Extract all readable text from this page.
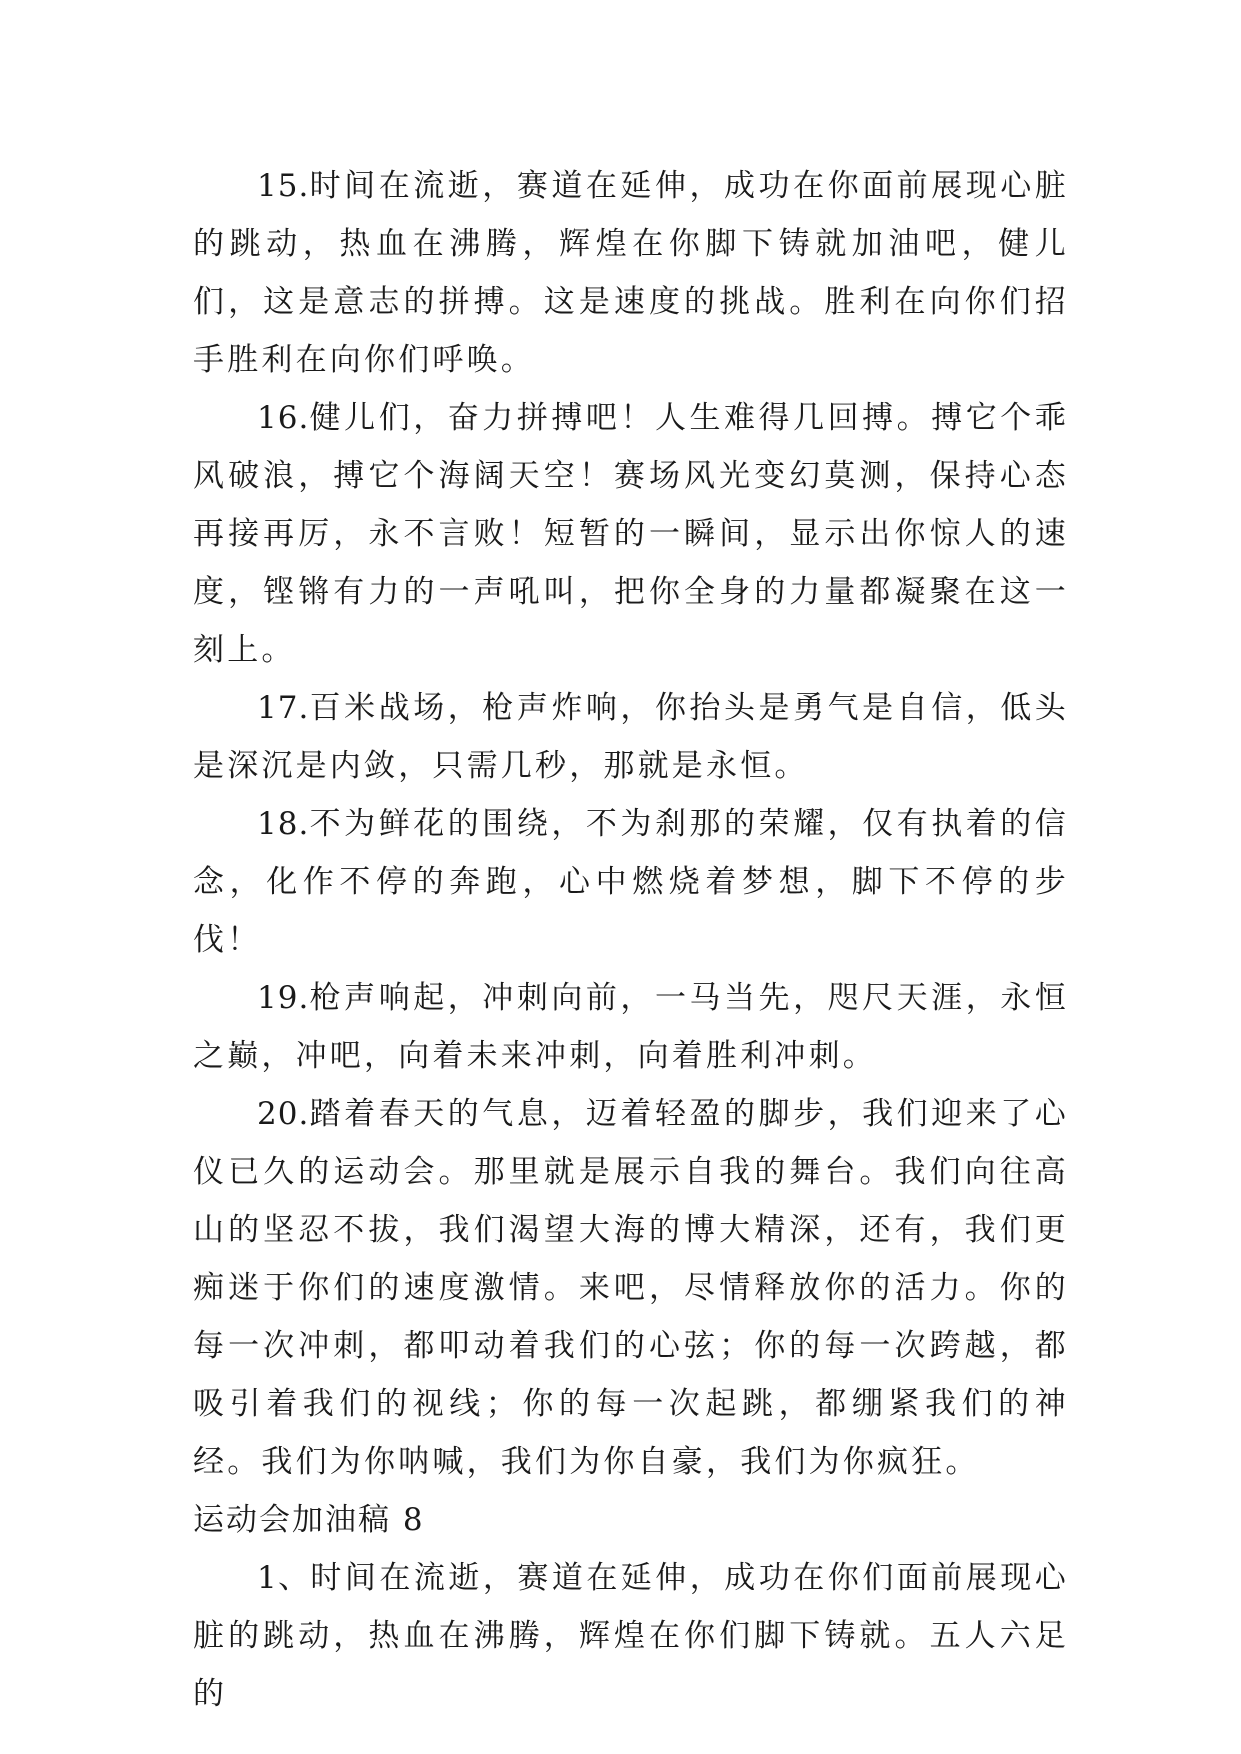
15.时间在流逝，赛道在延伸，成功在你面前展现心脏的跳动，热血在沸腾，辉煌在你脚下铸就加油吧，健儿们，这是意志的拼搏。这是速度的挑战。胜利在向你们招手胜利在向你们呼唤。

16.健儿们，奋力拼搏吧！人生难得几回搏。搏它个乖风破浪，搏它个海阔天空！赛场风光变幻莫测，保持心态再接再厉，永不言败！短暂的一瞬间，显示出你惊人的速度，铿锵有力的一声吼叫，把你全身的力量都凝聚在这一刻上。

17.百米战场，枪声炸响，你抬头是勇气是自信，低头是深沉是内敛，只需几秒，那就是永恒。

18.不为鲜花的围绕，不为刹那的荣耀，仅有执着的信念，化作不停的奔跑，心中燃烧着梦想，脚下不停的步伐！

19.枪声响起，冲刺向前，一马当先，咫尺天涯，永恒之巅，冲吧，向着未来冲刺，向着胜利冲刺。

20.踏着春天的气息，迈着轻盈的脚步，我们迎来了心仪已久的运动会。那里就是展示自我的舞台。我们向往高山的坚忍不拔，我们渴望大海的博大精深，还有，我们更痴迷于你们的速度激情。来吧，尽情释放你的活力。你的每一次冲刺，都叩动着我们的心弦；你的每一次跨越，都吸引着我们的视线；你的每一次起跳，都绷紧我们的神经。我们为你呐喊，我们为你自豪，我们为你疯狂。

运动会加油稿 8

1、时间在流逝，赛道在延伸，成功在你们面前展现心脏的跳动，热血在沸腾，辉煌在你们脚下铸就。五人六足的
